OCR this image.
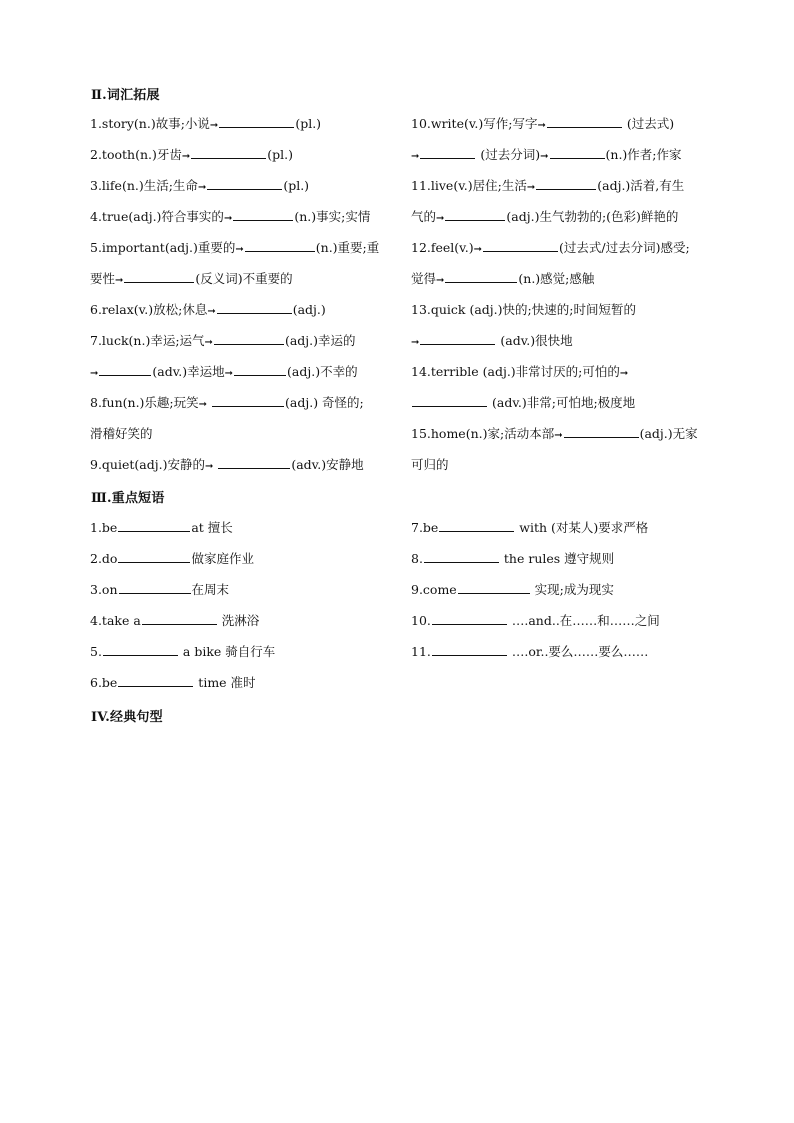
Ⅱ.词汇拓展
1.story(n.)故事;小说➞	(pl.)
2.tooth(n.)牙齿➞	(pl.)
3.life(n.)生活;生命➞	(pl.)
4.true(adj.)符合事实的➞	(n.)事实;实情
5.important(adj.)重要的➞	(n.)重要;重
要性➞	(反义词)不重要的
6.relax(v.)放松;休息➞	(adj.)
7.luck(n.)幸运;运气➞	(adj.)幸运的
➞	(adv.)幸运地➞	(adj.)不幸的
8.fun(n.)乐趣;玩笑➞	(adj.) 奇怪的;
滑稽好笑的
9.quiet(adj.)安静的➞	(adv.)安静地
10.write(v.)写作;写字➞	(过去式)
➞	(过去分词)➞	(n.)作者;作家
11.live(v.)居住;生活➞	(adj.)活着,有生
气的➞	(adj.)生气勃勃的;(色彩)鲜艳的
12.feel(v.)➞	(过去式/过去分词)感受;
觉得➞	(n.)感觉;感触
13.quick (adj.)快的;快速的;时间短暂的
➞	(adv.)很快地
14.terrible (adj.)非常讨厌的;可怕的➞
(adv.)非常;可怕地;极度地
15.home(n.)家;活动本部➞	(adj.)无家
可归的
Ⅲ.重点短语
1.be	at 擅长
2.do	做家庭作业
3.on	在周末
4.take a	洗淋浴
5.	a bike 骑自行车
6.be	time 准时
7.be	with (对某人)要求严格
8.	the rules 遵守规则
9.come	实现;成为现实
10.	….and..在……和……之间
11.	….or..要么……要么……
IV.经典句型
